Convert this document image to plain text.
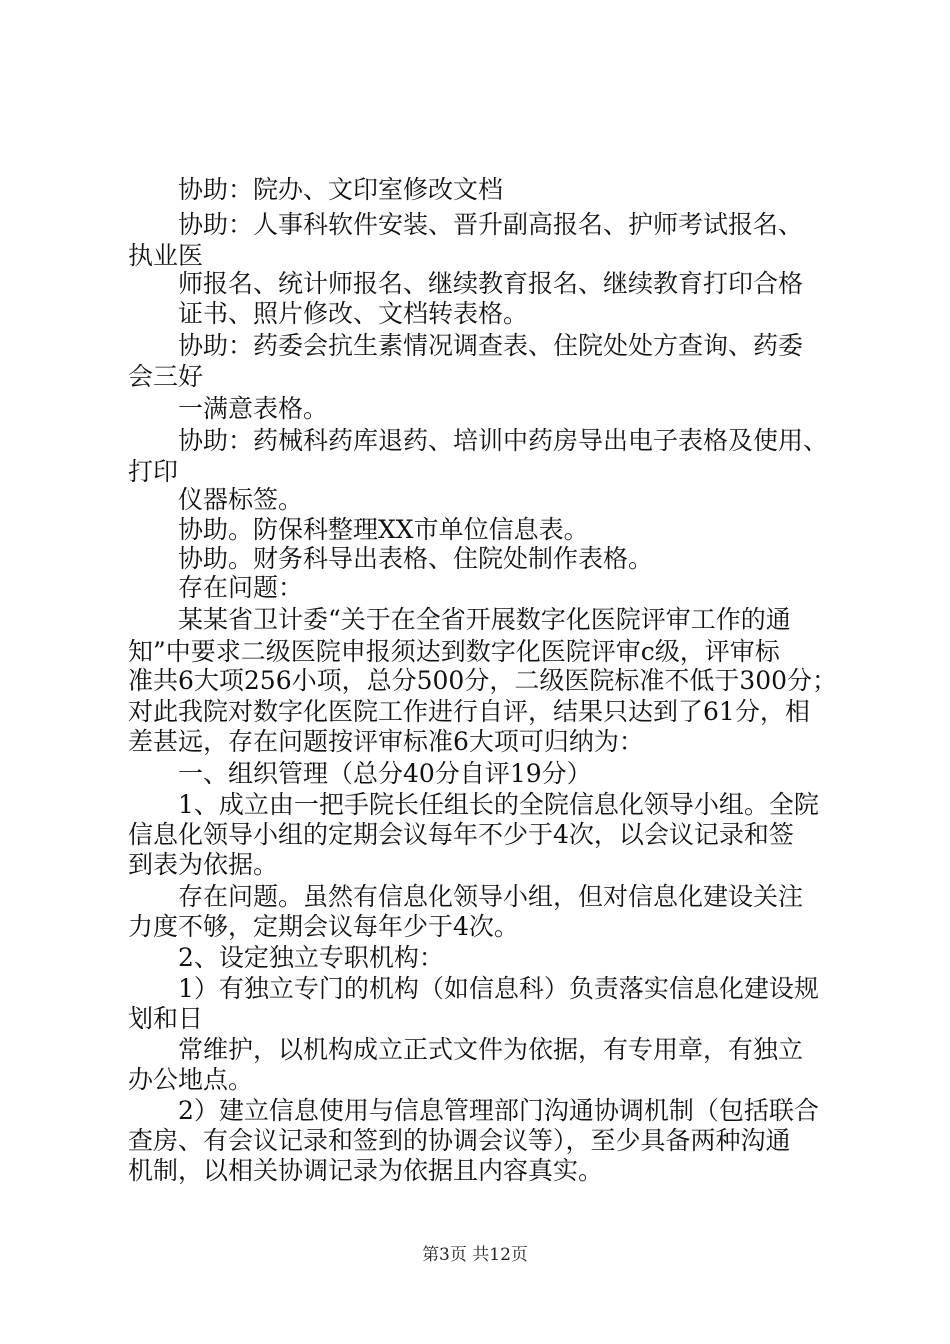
协助：院办、文印室修改文档
协助：人事科软件安装、晋升副高报名、护师考试报名、
执业医
师报名、统计师报名、继续教育报名、继续教育打印合格
证书、照片修改、文档转表格。
协助：药委会抗生素情况调查表、住院处处方查询、药委
会三好
一满意表格。
协助：药械科药库退药、培训中药房导出电子表格及使用、
打印
仪器标签。
协助。防保科整理XX市单位信息表。
协助。财务科导出表格、住院处制作表格。
存在问题：
某某省卫计委“关于在全省开展数字化医院评审工作的通
知”中要求二级医院申报须达到数字化医院评审c级，评审标
准共6大项256小项，总分500分，二级医院标准不低于300分；
对此我院对数字化医院工作进行自评，结果只达到了61分，相
差甚远，存在问题按评审标准6大项可归纳为：
一、组织管理（总分40分自评19分）
1、成立由一把手院长任组长的全院信息化领导小组。全院
信息化领导小组的定期会议每年不少于4次，以会议记录和签
到表为依据。
存在问题。虽然有信息化领导小组，但对信息化建设关注
力度不够，定期会议每年少于4次。
2、设定独立专职机构：
1）有独立专门的机构（如信息科）负责落实信息化建设规
划和日
常维护，以机构成立正式文件为依据，有专用章，有独立
办公地点。
2）建立信息使用与信息管理部门沟通协调机制（包括联合
查房、有会议记录和签到的协调会议等），至少具备两种沟通
机制，以相关协调记录为依据且内容真实。
第3页 共12页
